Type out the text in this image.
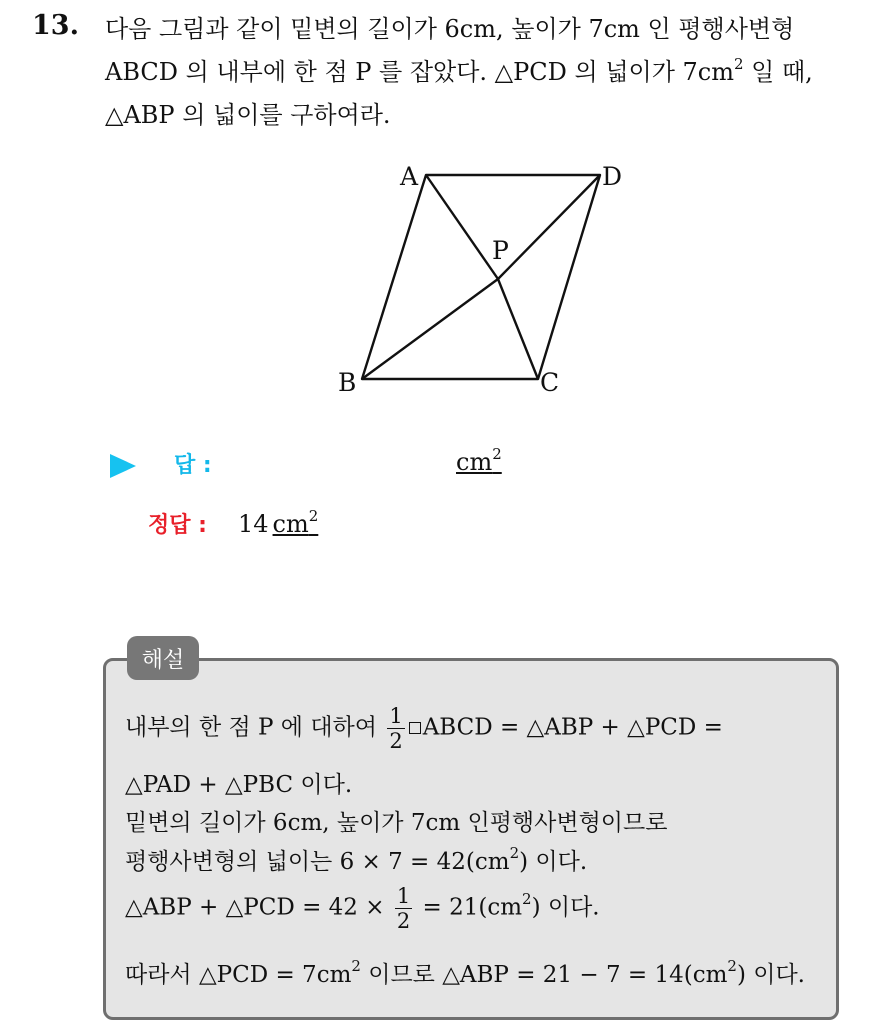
13. 다음 그림과 같이 밑변의 길이가 6cm, 높이가 7cm 인 평행사변형
ABCD 의 내부에 한 점 P 를 잡았다. △PCD 의 넓이가 $7cm^2$ 일 때,
△ABP 의 넓이를 구하여라.
A	D
P
B	C
답 :	$cm^2$
정답 : 14 $cm^2$
해설
내부의 한 점 P 에 대하여 $\frac{1}{2}$ ABCD = △ABP + △PCD =
△PAD + △PBC 이다.
밑변의 길이가 6cm, 높이가 7cm 인평행사변형이므로
평행사변형의 넓이는 $6 \times 7 = 42(cm^2)$ 이다.
△ABP + △PCD = $42 \times \frac{1}{2} = 21(cm^2)$ 이다.
따라서 △PCD = $7cm^2$ 이므로 △ABP = $21 - 7 = 14(cm^2)$ 이다.
